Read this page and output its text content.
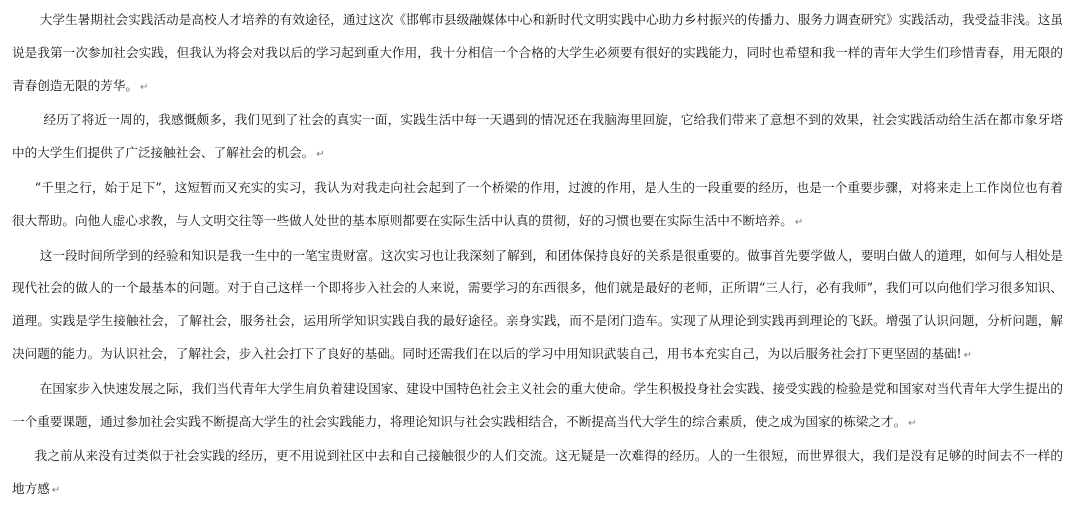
大学生暑期社会实践活动是高校人才培养的有效途径，通过这次《邯郸市县级融媒体中心和新时代文明实践中心助力乡村振兴的传播力、服务力调查研究》实践活动，我受益非浅。这虽说是我第一次参加社会实践，但我认为将会对我以后的学习起到重大作用，我十分相信一个合格的大学生必须要有很好的实践能力，同时也希望和我一样的青年大学生们珍惜青春，用无限的青春创造无限的芳华。 ↵

经历了将近一周的，我感慨颇多，我们见到了社会的真实一面，实践生活中每一天遇到的情况还在我脑海里回旋，它给我们带来了意想不到的效果，社会实践活动给生活在都市象牙塔中的大学生们提供了广泛接触社会、了解社会的机会。 ↵

“千里之行，始于足下”，这短暂而又充实的实习，我认为对我走向社会起到了一个桥梁的作用，过渡的作用，是人生的一段重要的经历，也是一个重要步骤，对将来走上工作岗位也有着很大帮助。向他人虚心求教，与人文明交往等一些做人处世的基本原则都要在实际生活中认真的贯彻，好的习惯也要在实际生活中不断培养。 ↵

这一段时间所学到的经验和知识是我一生中的一笔宝贵财富。这次实习也让我深刻了解到，和团体保持良好的关系是很重要的。做事首先要学做人，要明白做人的道理，如何与人相处是现代社会的做人的一个最基本的问题。对于自己这样一个即将步入社会的人来说，需要学习的东西很多，他们就是最好的老师，正所谓“三人行，必有我师”，我们可以向他们学习很多知识、道理。实践是学生接触社会，了解社会，服务社会，运用所学知识实践自我的最好途径。亲身实践，而不是闭门造车。实现了从理论到实践再到理论的飞跃。增强了认识问题，分析问题，解决问题的能力。为认识社会，了解社会，步入社会打下了良好的基础。同时还需我们在以后的学习中用知识武装自己，用书本充实自己，为以后服务社会打下更坚固的基础! ↵

在国家步入快速发展之际，我们当代青年大学生肩负着建设国家、建设中国特色社会主义社会的重大使命。学生积极投身社会实践、接受实践的检验是党和国家对当代青年大学生提出的一个重要课题，通过参加社会实践不断提高大学生的社会实践能力，将理论知识与社会实践相结合，不断提高当代大学生的综合素质，使之成为国家的栋梁之才。 ↵

我之前从来没有过类似于社会实践的经历，更不用说到社区中去和自己接触很少的人们交流。这无疑是一次难得的经历。人的一生很短，而世界很大，我们是没有足够的时间去不一样的地方感 ↵
